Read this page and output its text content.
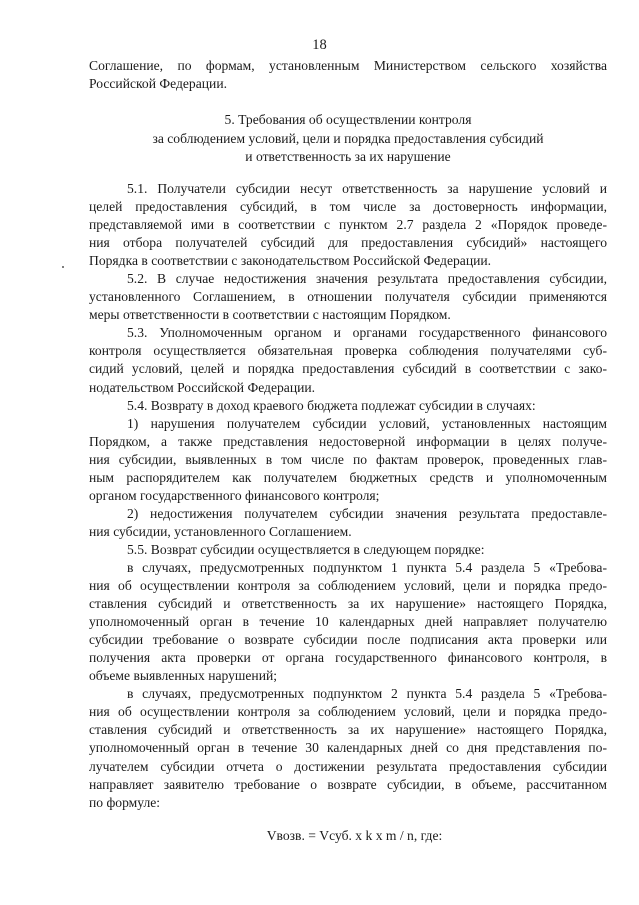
18
Соглашение, по формам, установленным Министерством сельского хозяйства
Российской Федерации.
5. Требования об осуществлении контроля
за соблюдением условий, цели и порядка предоставления субсидий
и ответственность за их нарушение
5.1. Получатели субсидии несут ответственность за нарушение условий и
целей предоставления субсидий, в том числе за достоверность информации,
представляемой ими в соответствии с пунктом 2.7 раздела 2 «Порядок проведе-
ния отбора получателей субсидий для предоставления субсидий» настоящего
Порядка в соответствии с законодательством Российской Федерации.
5.2. В случае недостижения значения результата предоставления субсидии,
установленного Соглашением, в отношении получателя субсидии применяются
меры ответственности в соответствии с настоящим Порядком.
5.3. Уполномоченным органом и органами государственного финансового
контроля осуществляется обязательная проверка соблюдения получателями суб-
сидий условий, целей и порядка предоставления субсидий в соответствии с зако-
нодательством Российской Федерации.
5.4. Возврату в доход краевого бюджета подлежат субсидии в случаях:
1) нарушения получателем субсидии условий, установленных настоящим
Порядком, а также представления недостоверной информации в целях получе-
ния субсидии, выявленных в том числе по фактам проверок, проведенных глав-
ным распорядителем как получателем бюджетных средств и уполномоченным
органом государственного финансового контроля;
2) недостижения получателем субсидии значения результата предоставле-
ния субсидии, установленного Соглашением.
5.5. Возврат субсидии осуществляется в следующем порядке:
в случаях, предусмотренных подпунктом 1 пункта 5.4 раздела 5 «Требова-
ния об осуществлении контроля за соблюдением условий, цели и порядка предо-
ставления субсидий и ответственность за их нарушение» настоящего Порядка,
уполномоченный орган в течение 10 календарных дней направляет получателю
субсидии требование о возврате субсидии после подписания акта проверки или
получения акта проверки от органа государственного финансового контроля, в
объеме выявленных нарушений;
в случаях, предусмотренных подпунктом 2 пункта 5.4 раздела 5 «Требова-
ния об осуществлении контроля за соблюдением условий, цели и порядка предо-
ставления субсидий и ответственность за их нарушение» настоящего Порядка,
уполномоченный орган в течение 30 календарных дней со дня представления по-
лучателем субсидии отчета о достижении результата предоставления субсидии
направляет заявителю требование о возврате субсидии, в объеме, рассчитанном
по формуле:
Vвозв. = Vсуб. x k x m / n, где:
